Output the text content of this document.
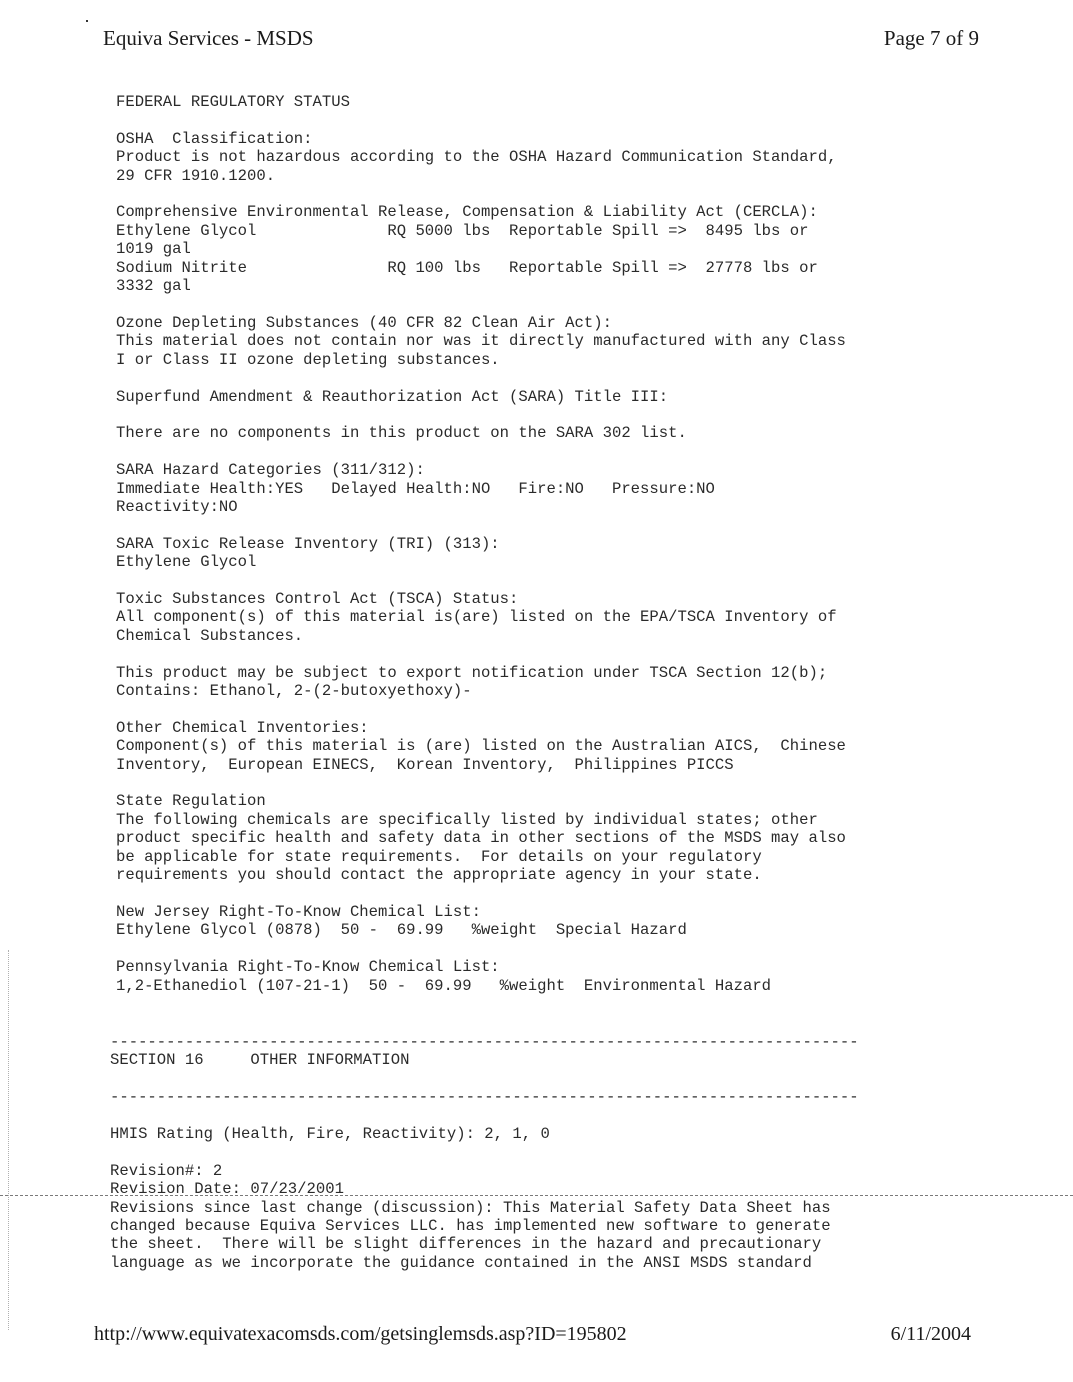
Equiva Services - MSDS	Page 7 of 9
FEDERAL REGULATORY STATUS

OSHA  Classification:
Product is not hazardous according to the OSHA Hazard Communication Standard,
29 CFR 1910.1200.

Comprehensive Environmental Release, Compensation & Liability Act (CERCLA):
Ethylene Glycol              RQ 5000 lbs  Reportable Spill =>  8495 lbs or
1019 gal
Sodium Nitrite               RQ 100 lbs   Reportable Spill =>  27778 lbs or
3332 gal

Ozone Depleting Substances (40 CFR 82 Clean Air Act):
This material does not contain nor was it directly manufactured with any Class
I or Class II ozone depleting substances.

Superfund Amendment & Reauthorization Act (SARA) Title III:

There are no components in this product on the SARA 302 list.

SARA Hazard Categories (311/312):
Immediate Health:YES   Delayed Health:NO   Fire:NO   Pressure:NO
Reactivity:NO

SARA Toxic Release Inventory (TRI) (313):
Ethylene Glycol

Toxic Substances Control Act (TSCA) Status:
All component(s) of this material is(are) listed on the EPA/TSCA Inventory of
Chemical Substances.

This product may be subject to export notification under TSCA Section 12(b);
Contains: Ethanol, 2-(2-butoxyethoxy)-

Other Chemical Inventories:
Component(s) of this material is (are) listed on the Australian AICS,  Chinese
Inventory,  European EINECS,  Korean Inventory,  Philippines PICCS

State Regulation
The following chemicals are specifically listed by individual states; other
product specific health and safety data in other sections of the MSDS may also
be applicable for state requirements.  For details on your regulatory
requirements you should contact the appropriate agency in your state.

New Jersey Right-To-Know Chemical List:
Ethylene Glycol (0878)  50 -  69.99   %weight  Special Hazard

Pennsylvania Right-To-Know Chemical List:
1,2-Ethanediol (107-21-1)  50 -  69.99   %weight  Environmental Hazard
--------------------------------------------------------------------------------
SECTION 16     OTHER INFORMATION

--------------------------------------------------------------------------------

HMIS Rating (Health, Fire, Reactivity): 2, 1, 0

Revision#: 2
Revision Date: 07/23/2001
Revisions since last change (discussion): This Material Safety Data Sheet has
changed because Equiva Services LLC. has implemented new software to generate
the sheet.  There will be slight differences in the hazard and precautionary
language as we incorporate the guidance contained in the ANSI MSDS standard
http://www.equivatexacomsds.com/getsinglemsds.asp?ID=195802	6/11/2004
